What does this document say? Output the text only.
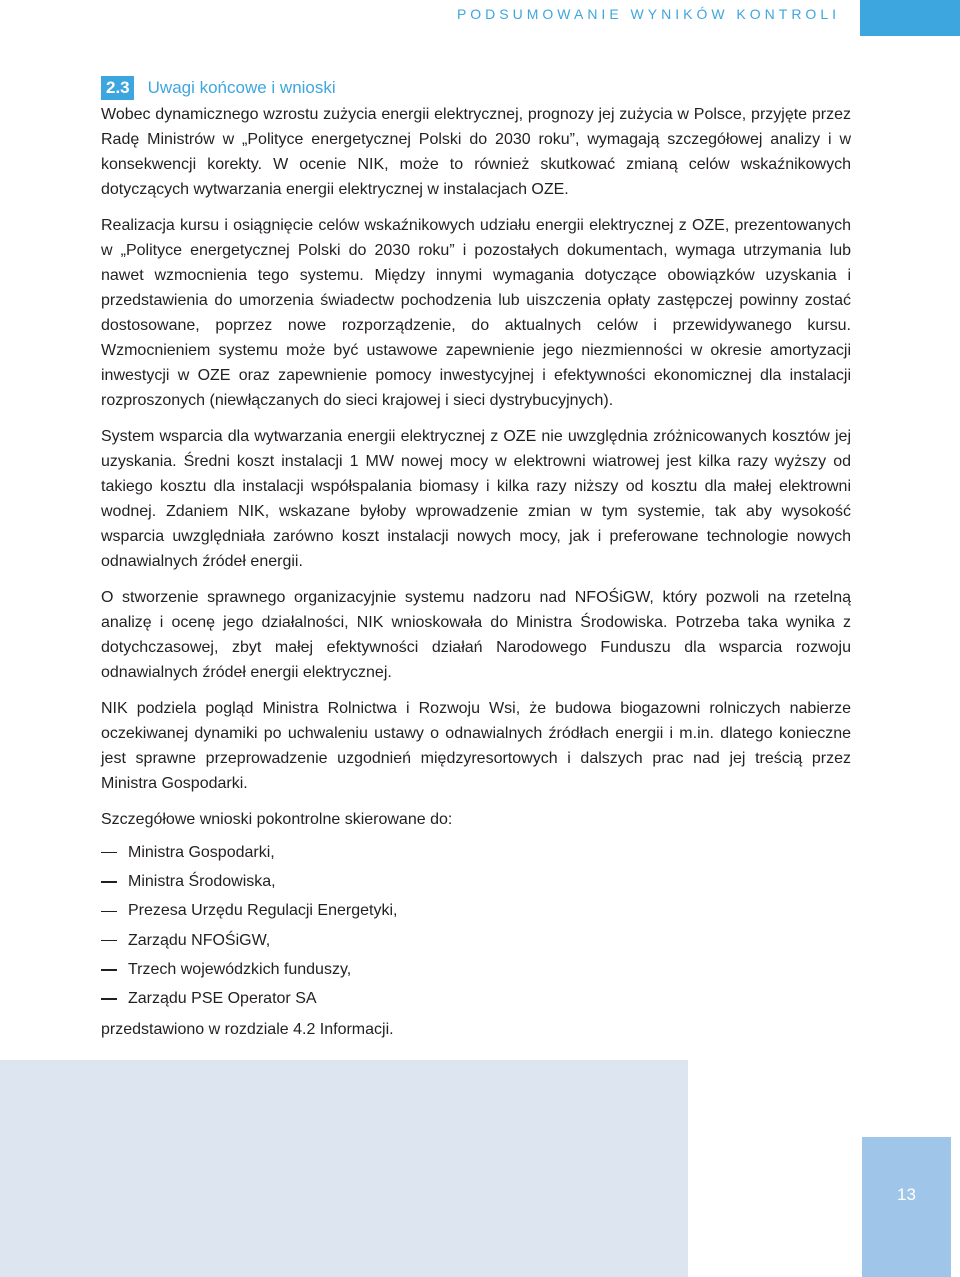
PODSUMOWANIE WYNIKÓW KONTROLI
2.3 Uwagi końcowe i wnioski

Wobec dynamicznego wzrostu zużycia energii elektrycznej, prognozy jej zużycia w Polsce, przyjęte przez Radę Ministrów w „Polityce energetycznej Polski do 2030 roku”, wymagają szczegółowej analizy i w konsekwencji korekty. W ocenie NIK, może to również skutkować zmianą celów wskaźnikowych dotyczących wytwarzania energii elektrycznej w instalacjach OZE.

Realizacja kursu i osiągnięcie celów wskaźnikowych udziału energii elektrycznej z OZE, prezentowanych w „Polityce energetycznej Polski do 2030 roku” i pozostałych dokumentach, wymaga utrzymania lub nawet wzmocnienia tego systemu. Między innymi wymagania dotyczące obowiązków uzyskania i przedstawienia do umorzenia świadectw pochodzenia lub uiszczenia opłaty zastępczej powinny zostać dostosowane, poprzez nowe rozporządzenie, do aktualnych celów i przewidywanego kursu. Wzmocnieniem systemu może być ustawowe zapewnienie jego niezmienności w okresie amortyzacji inwestycji w OZE oraz zapewnienie pomocy inwestycyjnej i efektywności ekonomicznej dla instalacji rozproszonych (niewłączanych do sieci krajowej i sieci dystrybucyjnych).

System wsparcia dla wytwarzania energii elektrycznej z OZE nie uwzględnia zróżnicowanych kosztów jej uzyskania. Średni koszt instalacji 1 MW nowej mocy w elektrowni wiatrowej jest kilka razy wyższy od takiego kosztu dla instalacji współspalania biomasy i kilka razy niższy od kosztu dla małej elektrowni wodnej. Zdaniem NIK, wskazane byłoby wprowadzenie zmian w tym systemie, tak aby wysokość wsparcia uwzględniała zarówno koszt instalacji nowych mocy, jak i preferowane technologie nowych odnawialnych źródeł energii.

O stworzenie sprawnego organizacyjnie systemu nadzoru nad NFOŚiGW, który pozwoli na rzetelną analizę i ocenę jego działalności, NIK wnioskowała do Ministra Środowiska. Potrzeba taka wynika z dotychczasowej, zbyt małej efektywności działań Narodowego Funduszu dla wsparcia rozwoju odnawialnych źródeł energii elektrycznej.

NIK podziela pogląd Ministra Rolnictwa i Rozwoju Wsi, że budowa biogazowni rolniczych nabierze oczekiwanej dynamiki po uchwaleniu ustawy o odnawialnych źródłach energii i m.in. dlatego konieczne jest sprawne przeprowadzenie uzgodnień międzyresortowych i dalszych prac nad jej treścią przez Ministra Gospodarki.

Szczegółowe wnioski pokontrolne skierowane do:

Ministra Gospodarki,
Ministra Środowiska,
Prezesa Urzędu Regulacji Energetyki,
Zarządu NFOŚiGW,
Trzech wojewódzkich funduszy,
Zarządu PSE Operator SA

przedstawiono w rozdziale 4.2 Informacji.

13
